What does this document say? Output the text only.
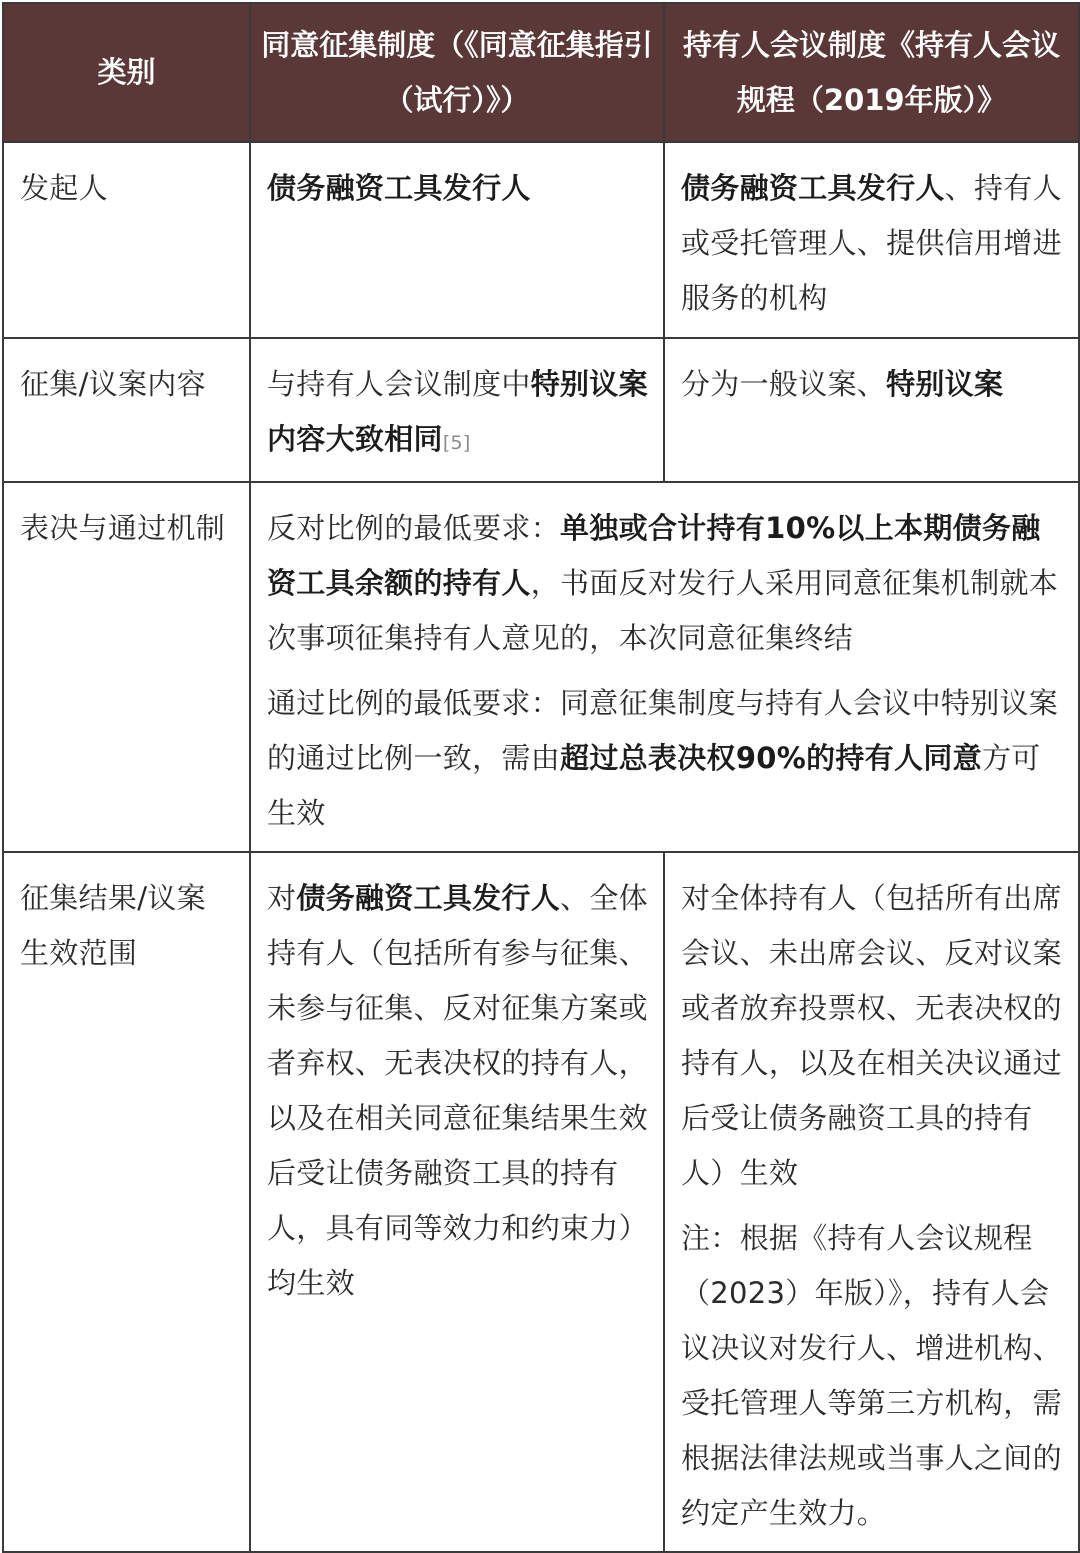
类别	同意征集制度（《同意征集指引（试行）》）	持有人会议制度《持有人会议规程（2019年版）》
发起人	债务融资工具发行人	债务融资工具发行人、持有人或受托管理人、提供信用增进服务的机构
征集/议案内容	与持有人会议制度中特别议案内容大致相同[5]	分为一般议案、特别议案
表决与通过机制	反对比例的最低要求：单独或合计持有10%以上本期债务融资工具余额的持有人，书面反对发行人采用同意征集机制就本次事项征集持有人意见的，本次同意征集终结
通过比例的最低要求：同意征集制度与持有人会议中特别议案的通过比例一致，需由超过总表决权90%的持有人同意方可生效	

征集结果/议案生效范围	对债务融资工具发行人、全体持有人（包括所有参与征集、未参与征集、反对征集方案或者弃权、无表决权的持有人，以及在相关同意征集结果生效后受让债务融资工具的持有人，具有同等效力和约束力）均生效	对全体持有人（包括所有出席会议、未出席会议、反对议案或者放弃投票权、无表决权的持有人，以及在相关决议通过后受让债务融资工具的持有人）生效
注：根据《持有人会议规程（2023）年版）》，持有人会议决议对发行人、增进机构、受托管理人等第三方机构，需根据法律法规或当事人之间的约定产生效力。
